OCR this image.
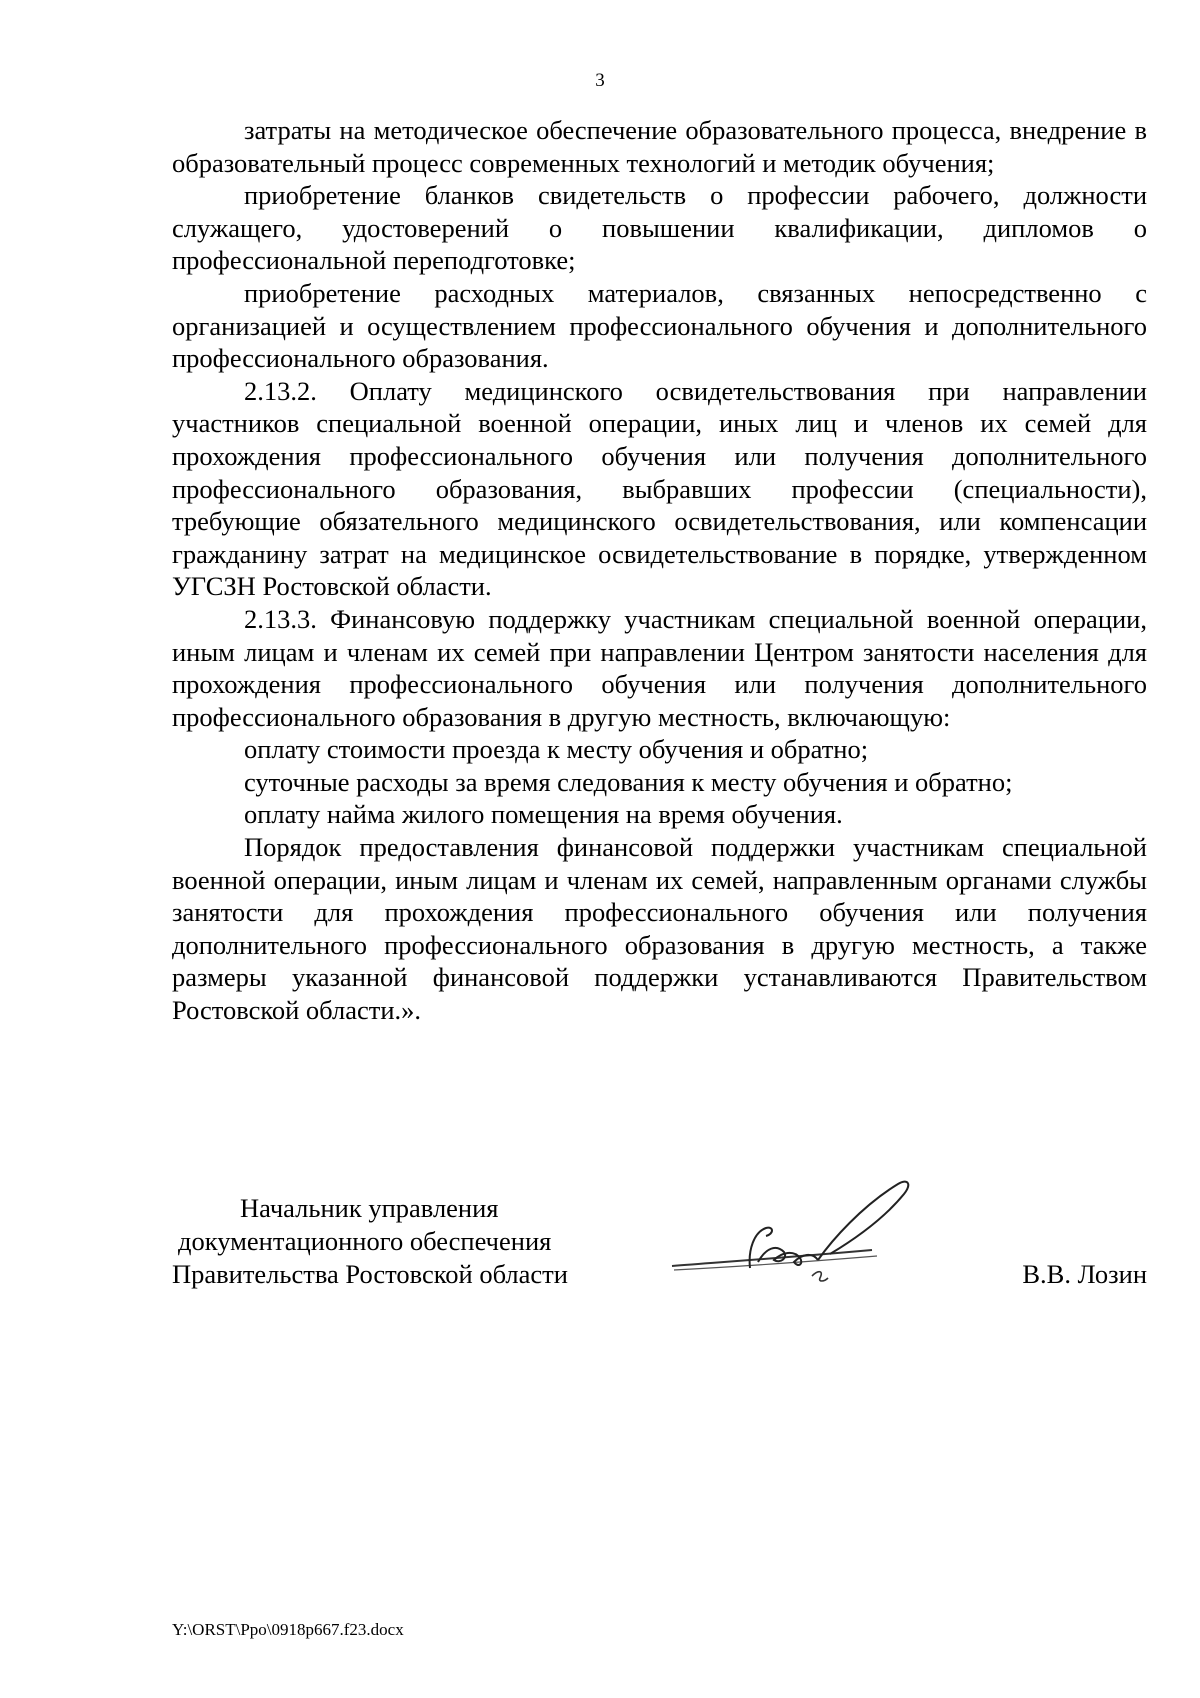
3

затраты на методическое обеспечение образовательного процесса, внедрение в образовательный процесс современных технологий и методик обучения;

приобретение бланков свидетельств о профессии рабочего, должности служащего, удостоверений о повышении квалификации, дипломов о профессиональной переподготовке;

приобретение расходных материалов, связанных непосредственно с организацией и осуществлением профессионального обучения и дополнительного профессионального образования.

2.13.2. Оплату медицинского освидетельствования при направлении участников специальной военной операции, иных лиц и членов их семей для прохождения профессионального обучения или получения дополнительного профессионального образования, выбравших профессии (специальности), требующие обязательного медицинского освидетельствования, или компенсации гражданину затрат на медицинское освидетельствование в порядке, утвержденном УГСЗН Ростовской области.

2.13.3. Финансовую поддержку участникам специальной военной операции, иным лицам и членам их семей при направлении Центром занятости населения для прохождения профессионального обучения или получения дополнительного профессионального образования в другую местность, включающую:

оплату стоимости проезда к месту обучения и обратно;

суточные расходы за время следования к месту обучения и обратно;

оплату найма жилого помещения на время обучения.

Порядок предоставления финансовой поддержки участникам специальной военной операции, иным лицам и членам их семей, направленным органами службы занятости для прохождения профессионального обучения или получения дополнительного профессионального образования в другую местность, а также размеры указанной финансовой поддержки устанавливаются Правительством Ростовской области.».

Начальник управления
документационного обеспечения
Правительства Ростовской области	В.В. Лозин
Y:\ORST\Ppo\0918p667.f23.docx
